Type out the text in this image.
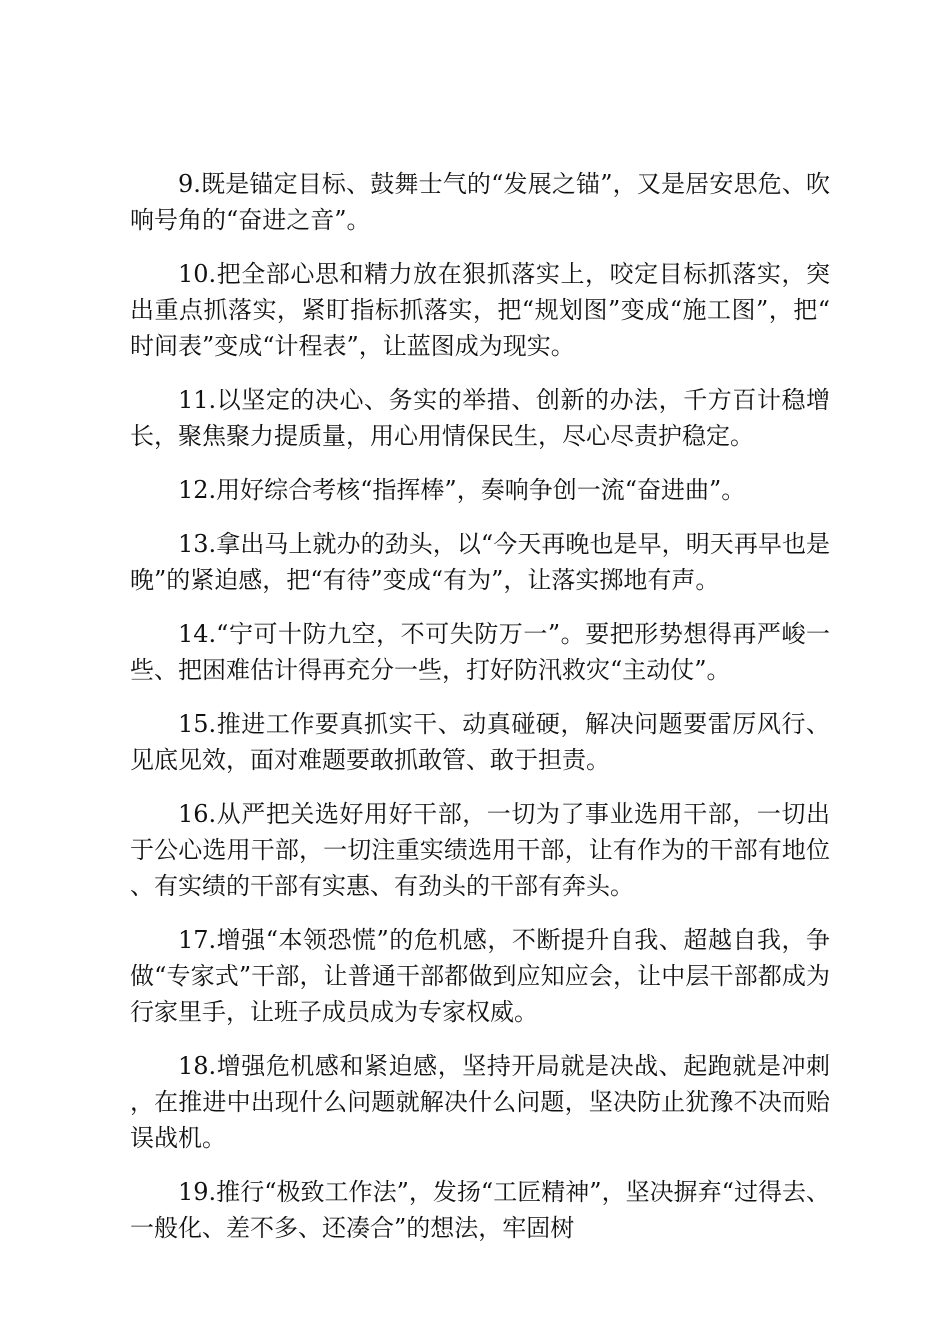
9.既是锚定目标、鼓舞士气的“发展之锚”，又是居安思危、吹响号角的“奋进之音”。

10.把全部心思和精力放在狠抓落实上，咬定目标抓落实，突出重点抓落实，紧盯指标抓落实，把“规划图”变成“施工图”，把“时间表”变成“计程表”，让蓝图成为现实。

11.以坚定的决心、务实的举措、创新的办法，千方百计稳增长，聚焦聚力提质量，用心用情保民生，尽心尽责护稳定。

12.用好综合考核“指挥棒”，奏响争创一流“奋进曲”。

13.拿出马上就办的劲头，以“今天再晚也是早，明天再早也是晚”的紧迫感，把“有待”变成“有为”，让落实掷地有声。

14.“宁可十防九空，不可失防万一”。要把形势想得再严峻一些、把困难估计得再充分一些，打好防汛救灾“主动仗”。

15.推进工作要真抓实干、动真碰硬，解决问题要雷厉风行、见底见效，面对难题要敢抓敢管、敢于担责。

16.从严把关选好用好干部，一切为了事业选用干部，一切出于公心选用干部，一切注重实绩选用干部，让有作为的干部有地位、有实绩的干部有实惠、有劲头的干部有奔头。

17.增强“本领恐慌”的危机感，不断提升自我、超越自我，争做“专家式”干部，让普通干部都做到应知应会，让中层干部都成为行家里手，让班子成员成为专家权威。

18.增强危机感和紧迫感，坚持开局就是决战、起跑就是冲刺，在推进中出现什么问题就解决什么问题，坚决防止犹豫不决而贻误战机。

19.推行“极致工作法”，发扬“工匠精神”，坚决摒弃“过得去、一般化、差不多、还凑合”的想法，牢固树
